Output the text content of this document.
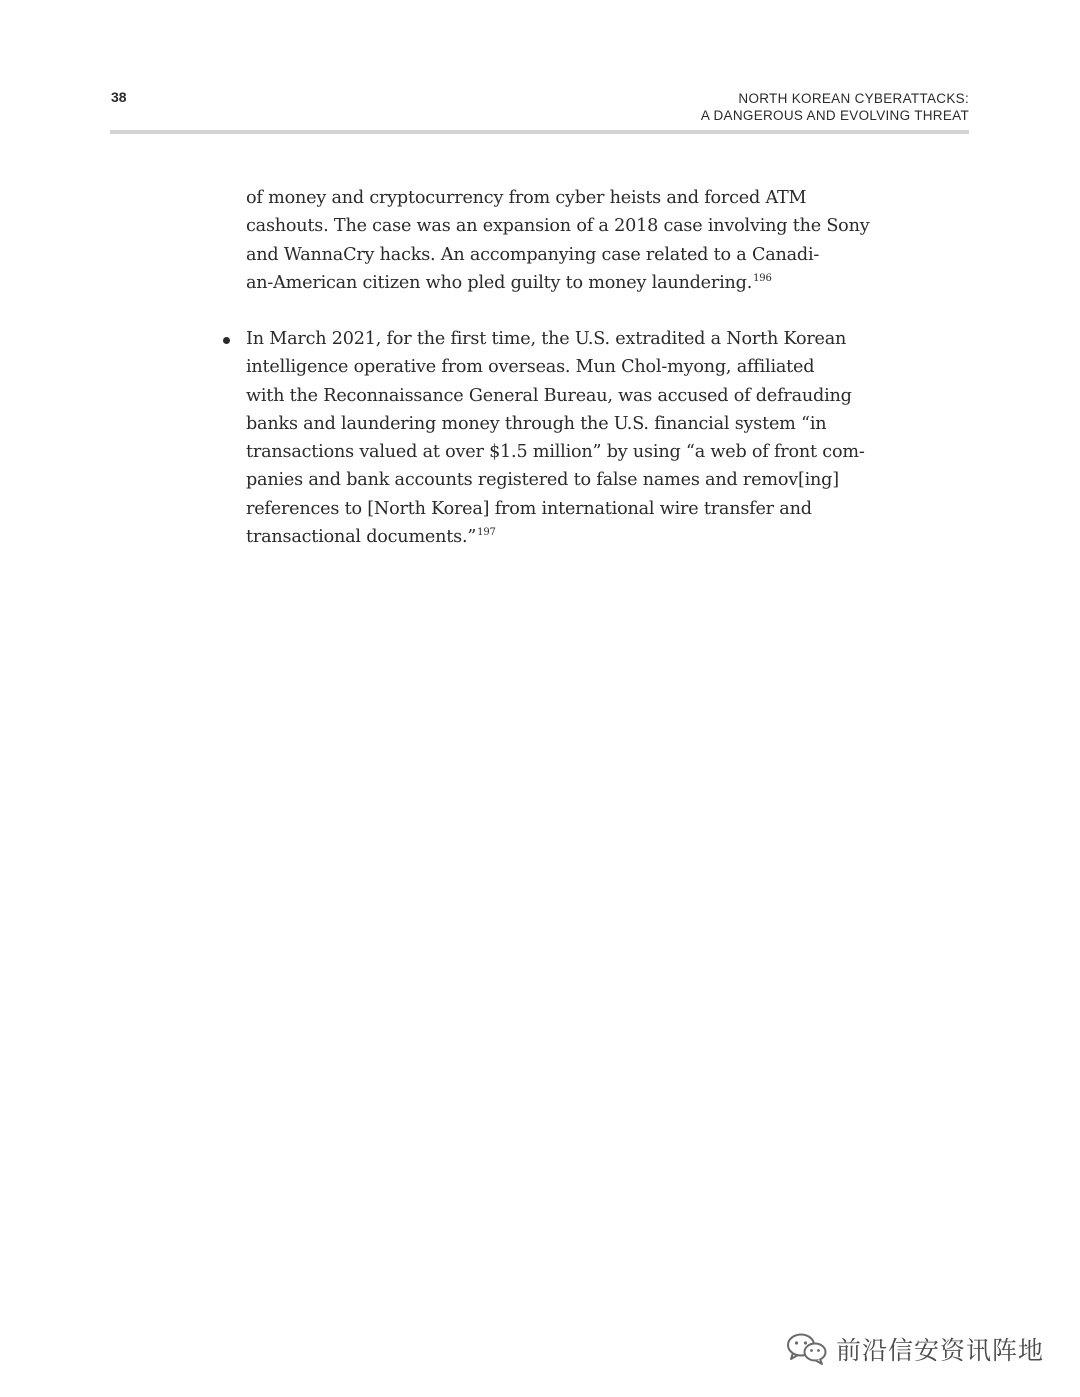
38	NORTH KOREAN CYBERATTACKS:
A DANGEROUS AND EVOLVING THREAT
of money and cryptocurrency from cyber heists and forced ATM
cashouts. The case was an expansion of a 2018 case involving the Sony
and WannaCry hacks. An accompanying case related to a Canadi-
an-American citizen who pled guilty to money laundering.$^{196}$
In March 2021, for the first time, the U.S. extradited a North Korean
intelligence operative from overseas. Mun Chol-myong, affiliated
with the Reconnaissance General Bureau, was accused of defrauding
banks and laundering money through the U.S. financial system “in
transactions valued at over $1.5 million” by using “a web of front com-
panies and bank accounts registered to false names and remov[ing]
references to [North Korea] from international wire transfer and
transactional documents.”$^{197}$
前沿信安资讯阵地
